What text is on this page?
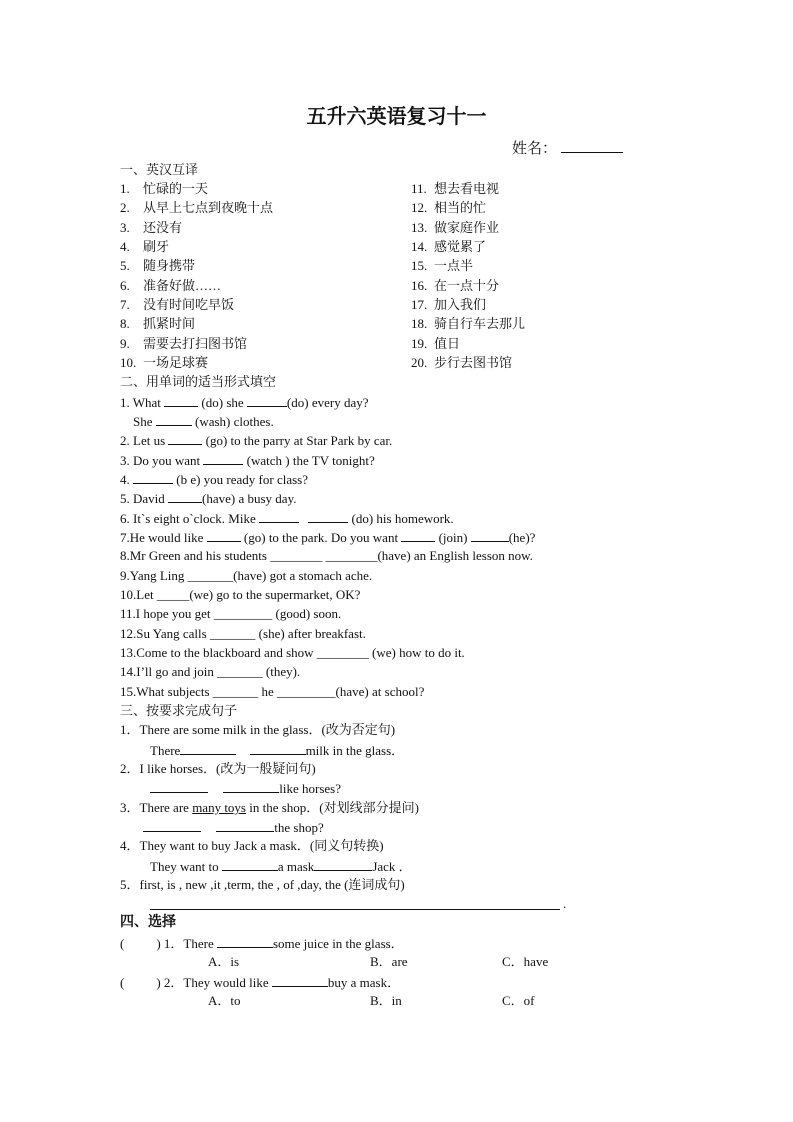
五升六英语复习十一
姓名：
一、英汉互译
1. 忙碌的一天
2. 从早上七点到夜晚十点
3. 还没有
4. 刷牙
5. 随身携带
6. 准备好做……
7. 没有时间吃早饭
8. 抓紧时间
9. 需要去打扫图书馆
10. 一场足球赛
11. 想去看电视
12. 相当的忙
13. 做家庭作业
14. 感觉累了
15. 一点半
16. 在一点十分
17. 加入我们
18. 骑自行车去那儿
19. 值日
20. 步行去图书馆
二、用单词的适当形式填空
1. What	(do) she	(do) every day?
She	(wash) clothes.
2. Let us	(go) to the parry at Star Park by car.
3. Do you want	(watch ) the TV tonight?
4.	(b e) you ready for class?
5. David	(have) a busy day.
6. It`s eight o`clock. Mike	(do) his homework.
7.He would like	(go) to the park. Do you want	(join)	(he)?
8.Mr Green and his students ________ ________(have) an English lesson now.
9.Yang Ling _______(have) got a stomach ache.
10.Let _____(we) go to the supermarket, OK?
11.I hope you get _________ (good) soon.
12.Su Yang calls _______ (she) after breakfast.
13.Come to the blackboard and show ________ (we) how to do it.
14.I’ll go and join _______ (they).
15.What subjects _______ he _________(have) at school?
三、按要求完成句子
1．There are some milk in the glass．(改为否定句)
There	milk in the glass．
2．I like horses．(改为一般疑问句)
like horses?
3．There are many toys in the shop．(对划线部分提问)
the shop?
4．They want to buy Jack a mask．(同义句转换)
They want to	a mask	Jack ．
5．first, is , new ,it ,term, the , of ,day, the (连词成句)
.
四、选择
( ) 1．There	some juice in the glass．
A．is	B．are	C．have
( ) 2．They would like	buy a mask．
A．to	B．in	C．of
